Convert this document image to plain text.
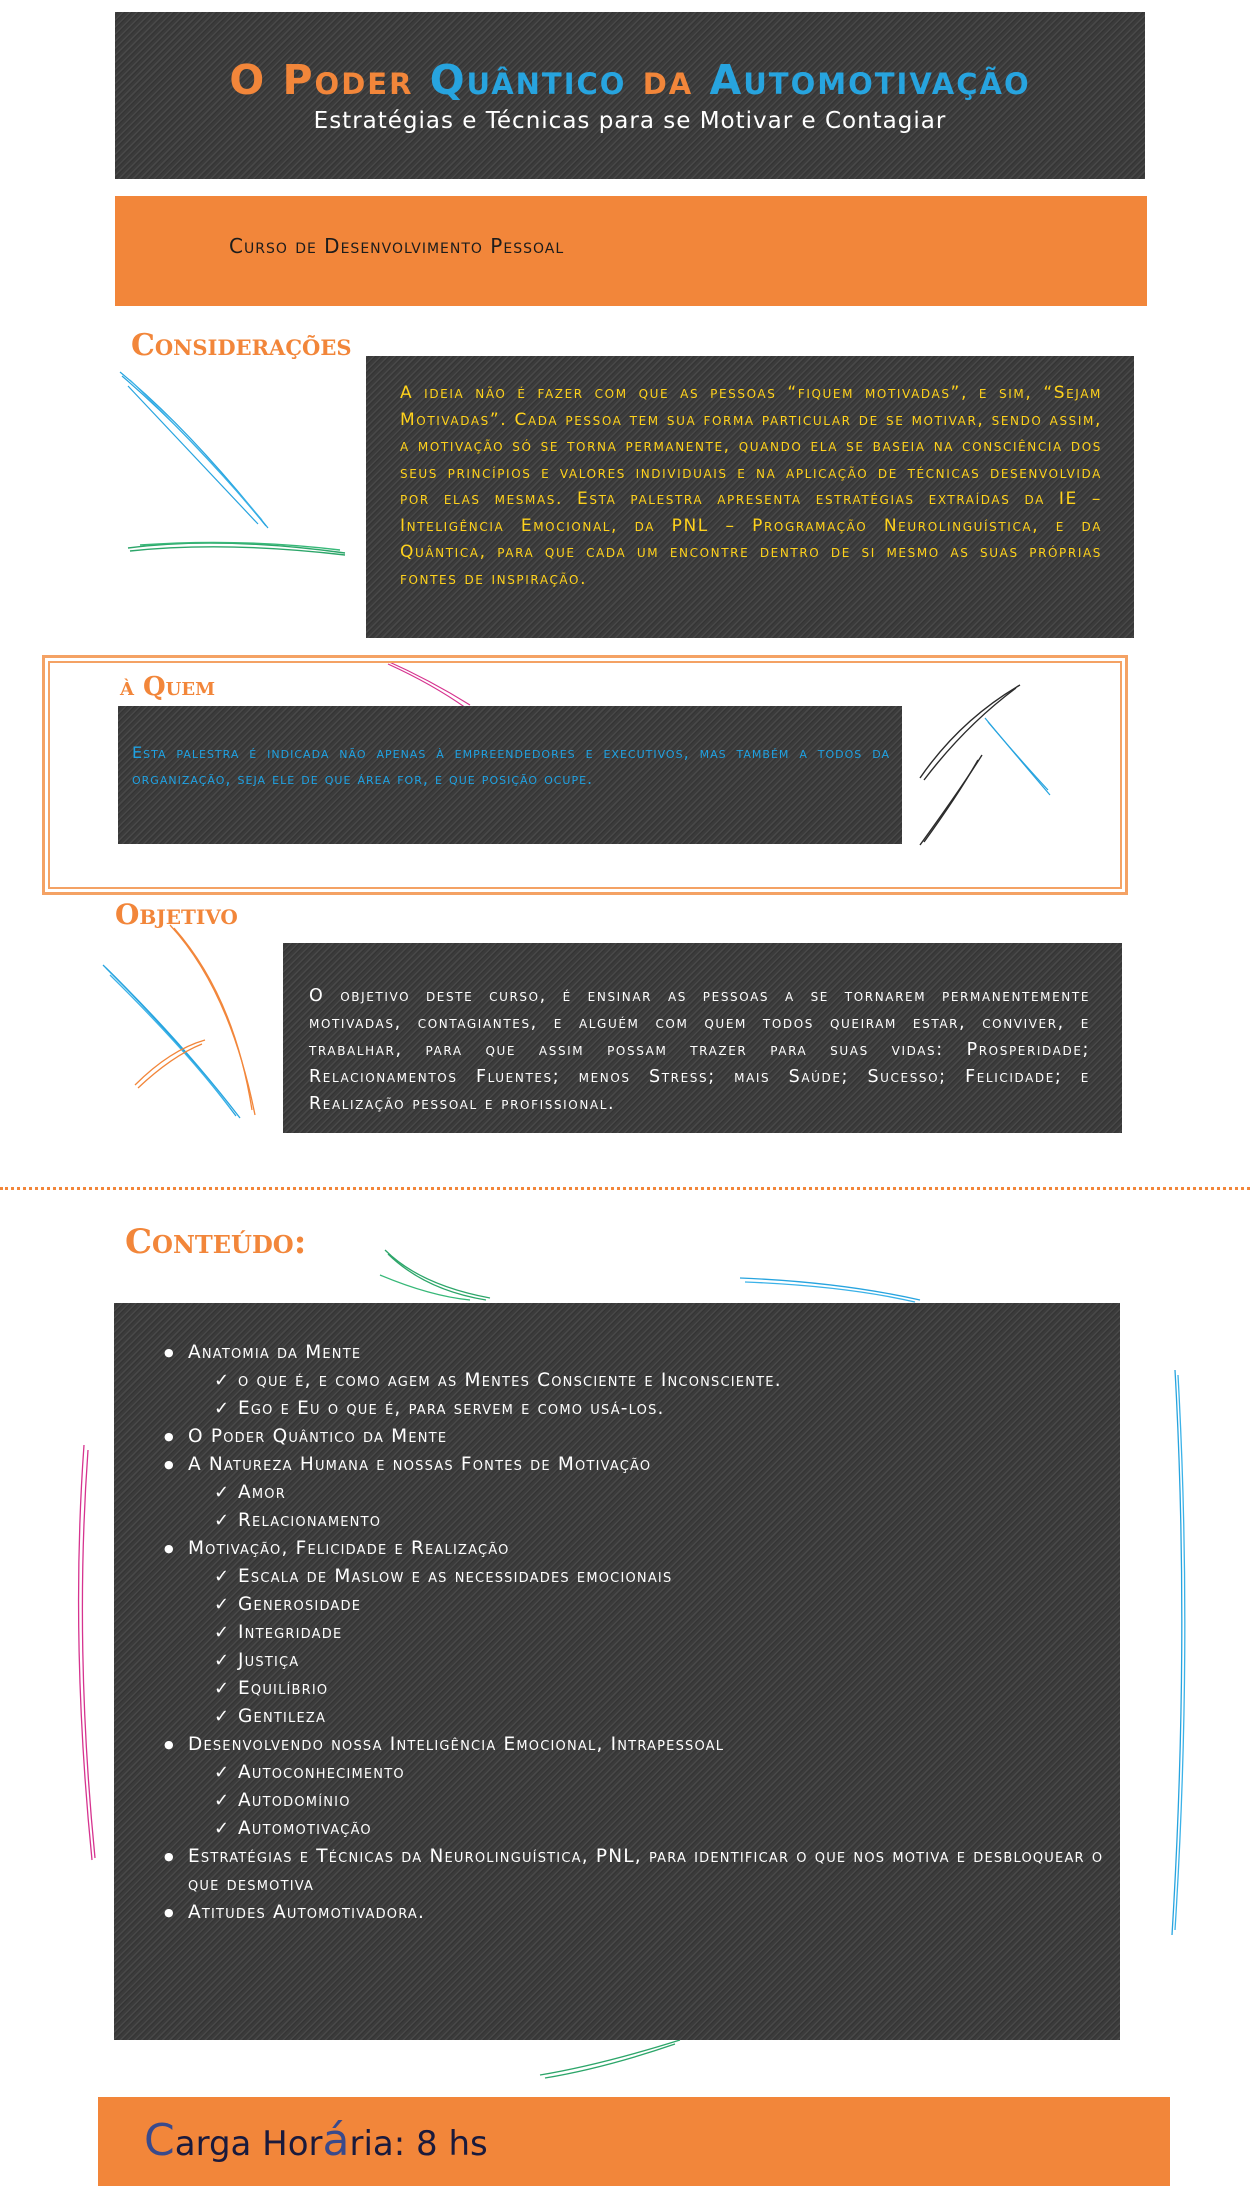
O Poder Quântico da Automotivação
Estratégias e Técnicas para se Motivar e Contagiar
Curso de Desenvolvimento Pessoal
Considerações

A ideia não é fazer com que as pessoas “fiquem motivadas”, e sim, “Sejam Motivadas”. Cada pessoa tem sua forma particular de se motivar, sendo assim, a motivação só se torna permanente, quando ela se baseia na consciência dos seus princípios e valores individuais e na aplicação de técnicas desenvolvida por elas mesmas. Esta palestra apresenta estratégias extraídas da IE – Inteligência Emocional, da PNL – Programação Neurolinguística, e da Quântica, para que cada um encontre dentro de si mesmo as suas próprias fontes de inspiração.

à Quem

Esta palestra é indicada não apenas à empreendedores e executivos, mas também a todos da organização, seja ele de que área for, e que posição ocupe.

Objetivo

O objetivo deste curso, é ensinar as pessoas a se tornarem permanentemente motivadas, contagiantes, e alguém com quem todos queiram estar, conviver, e trabalhar, para que assim possam trazer para suas vidas: Prosperidade; Relacionamentos Fluentes; menos Stress; mais Saúde; Sucesso; Felicidade; e Realização pessoal e profissional.

Conteúdo:
● Anatomia da Mente
✓ o que é, e como agem as Mentes Consciente e Inconsciente.
✓ Ego e Eu o que é, para servem e como usá-los.
● O Poder Quântico da Mente
● A Natureza Humana e nossas Fontes de Motivação
✓ Amor
✓ Relacionamento
● Motivação, Felicidade e Realização
✓ Escala de Maslow e as necessidades emocionais
✓ Generosidade
✓ Integridade
✓ Justiça
✓ Equilíbrio
✓ Gentileza
● Desenvolvendo nossa Inteligência Emocional, Intrapessoal
✓ Autoconhecimento
✓ Autodomínio
✓ Automotivação
● Estratégias e Técnicas da Neurolinguística, PNL, para identificar o que nos motiva e desbloquear o que desmotiva
● Atitudes Automotivadora.
Carga Horária: 8 hs
